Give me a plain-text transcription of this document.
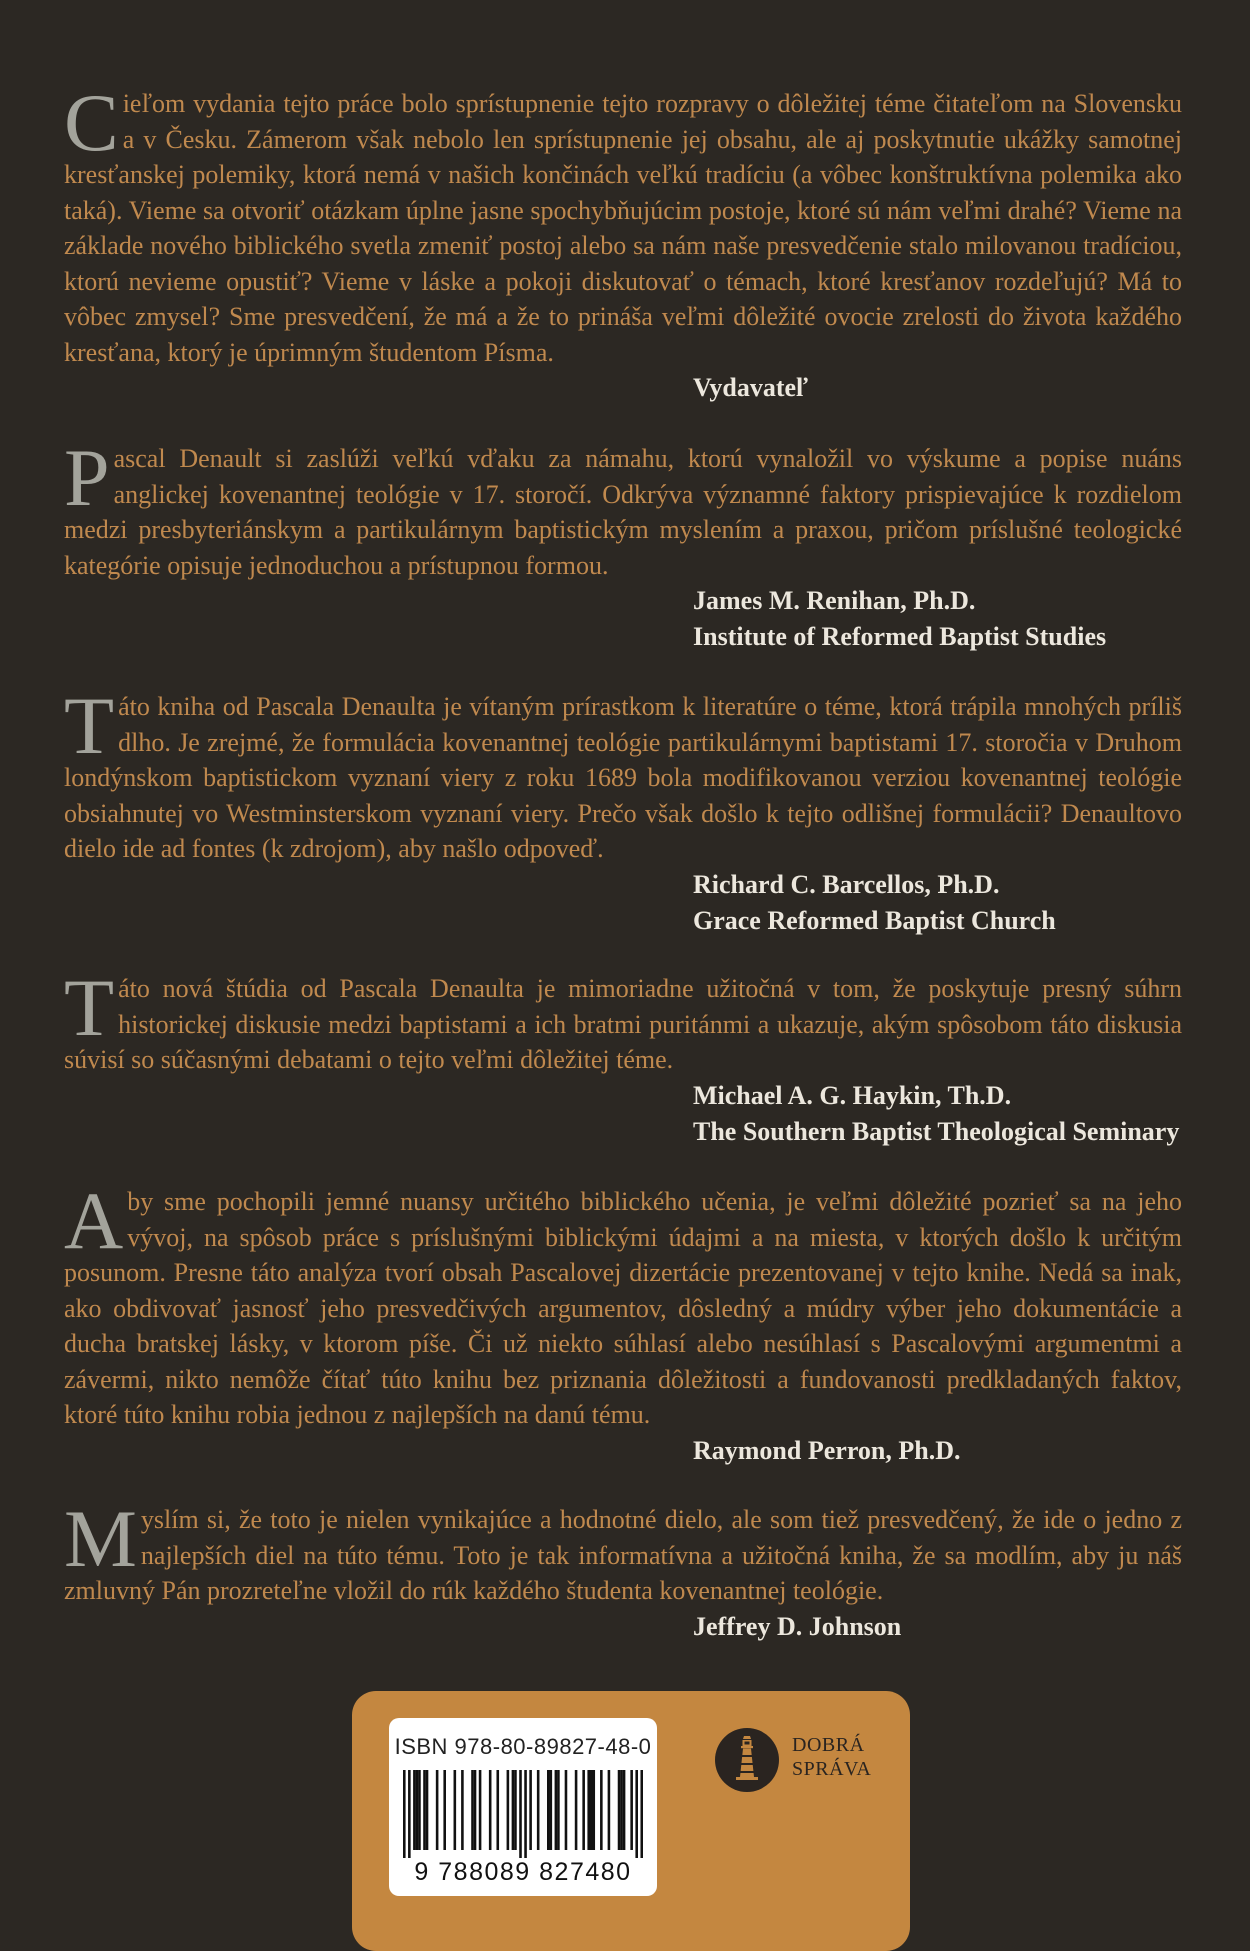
Cieľom vydania tejto práce bolo sprístupnenie tejto rozpravy o dôležitej téme čitateľom na Slovensku a v Česku. Zámerom však nebolo len sprístupnenie jej obsahu, ale aj poskytnutie ukážky samotnej kresťanskej polemiky, ktorá nemá v našich končinách veľkú tradíciu (a vôbec konštruktívna polemika ako taká). Vieme sa otvoriť otázkam úplne jasne spochybňujúcim postoje, ktoré sú nám veľmi drahé? Vieme na základe nového biblického svetla zmeniť postoj alebo sa nám naše presvedčenie stalo milovanou tradíciou, ktorú nevieme opustiť? Vieme v láske a pokoji diskutovať o témach, ktoré kresťanov rozdeľujú? Má to vôbec zmysel? Sme presvedčení, že má a že to prináša veľmi dôležité ovocie zrelosti do života každého kresťana, ktorý je úprimným študentom Písma.

Vydavateľ

Pascal Denault si zaslúži veľkú vďaku za námahu, ktorú vynaložil vo výskume a popise nuáns anglickej kovenantnej teológie v 17. storočí. Odkrýva významné faktory prispievajúce k rozdielom medzi presbyteriánskym a partikulárnym baptistickým myslením a praxou, pričom príslušné teologické kategórie opisuje jednoduchou a prístupnou formou.

James M. Renihan, Ph.D.
Institute of Reformed Baptist Studies

Táto kniha od Pascala Denaulta je vítaným prírastkom k literatúre o téme, ktorá trápila mnohých príliš dlho. Je zrejmé, že formulácia kovenantnej teológie partikulárnymi baptistami 17. storočia v Druhom londýnskom baptistickom vyznaní viery z roku 1689 bola modifikovanou verziou kovenantnej teológie obsiahnutej vo Westminsterskom vyznaní viery. Prečo však došlo k tejto odlišnej formulácii? Denaultovo dielo ide ad fontes (k zdrojom), aby našlo odpoveď.

Richard C. Barcellos, Ph.D.
Grace Reformed Baptist Church

Táto nová štúdia od Pascala Denaulta je mimoriadne užitočná v tom, že poskytuje presný súhrn historickej diskusie medzi baptistami a ich bratmi puritánmi a ukazuje, akým spôsobom táto diskusia súvisí so súčasnými debatami o tejto veľmi dôležitej téme.

Michael A. G. Haykin, Th.D.
The Southern Baptist Theological Seminary

Aby sme pochopili jemné nuansy určitého biblického učenia, je veľmi dôležité pozrieť sa na jeho vývoj, na spôsob práce s príslušnými biblickými údajmi a na miesta, v ktorých došlo k určitým posunom. Presne táto analýza tvorí obsah Pascalovej dizertácie prezentovanej v tejto knihe. Nedá sa inak, ako obdivovať jasnosť jeho presvedčivých argumentov, dôsledný a múdry výber jeho dokumentácie a ducha bratskej lásky, v ktorom píše. Či už niekto súhlasí alebo nesúhlasí s Pascalovými argumentmi a závermi, nikto nemôže čítať túto knihu bez priznania dôležitosti a fundovanosti predkladaných faktov, ktoré túto knihu robia jednou z najlepších na danú tému.

Raymond Perron, Ph.D.

Myslím si, že toto je nielen vynikajúce a hodnotné dielo, ale som tiež presvedčený, že ide o jedno z najlepších diel na túto tému. Toto je tak informatívna a užitočná kniha, že sa modlím, aby ju náš zmluvný Pán prozreteľne vložil do rúk každého študenta kovenantnej teológie.

Jeffrey D. Johnson
ISBN 978-80-89827-48-0
9 788089 827480
DOBRÁ
SPRÁVA
